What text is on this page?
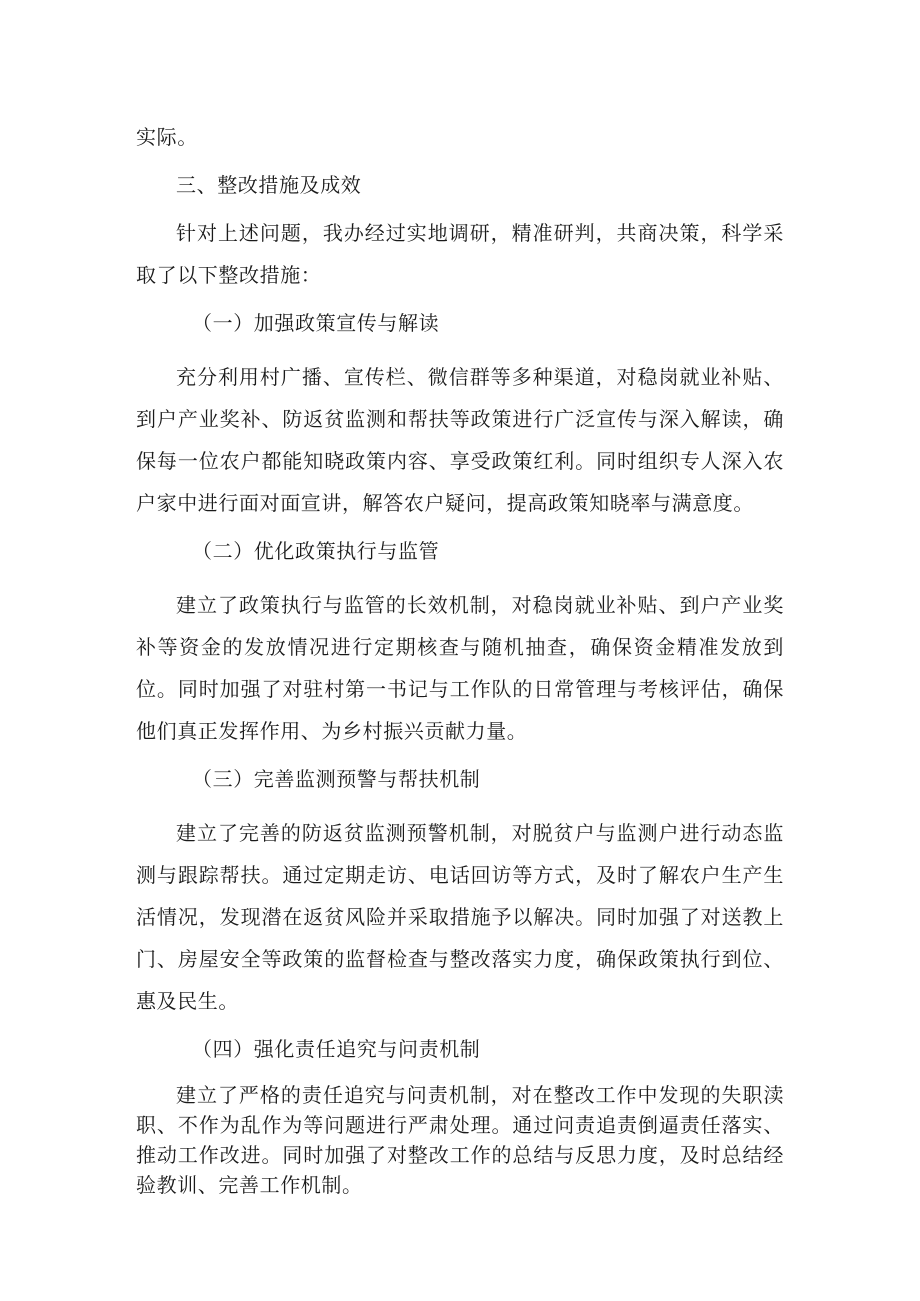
实际。

三、整改措施及成效

针对上述问题，我办经过实地调研，精准研判，共商决策，科学采取了以下整改措施：

（一）加强政策宣传与解读

充分利用村广播、宣传栏、微信群等多种渠道，对稳岗就业补贴、到户产业奖补、防返贫监测和帮扶等政策进行广泛宣传与深入解读，确保每一位农户都能知晓政策内容、享受政策红利。同时组织专人深入农户家中进行面对面宣讲，解答农户疑问，提高政策知晓率与满意度。

（二）优化政策执行与监管

建立了政策执行与监管的长效机制，对稳岗就业补贴、到户产业奖补等资金的发放情况进行定期核查与随机抽查，确保资金精准发放到位。同时加强了对驻村第一书记与工作队的日常管理与考核评估，确保他们真正发挥作用、为乡村振兴贡献力量。

（三）完善监测预警与帮扶机制

建立了完善的防返贫监测预警机制，对脱贫户与监测户进行动态监测与跟踪帮扶。通过定期走访、电话回访等方式，及时了解农户生产生活情况，发现潜在返贫风险并采取措施予以解决。同时加强了对送教上门、房屋安全等政策的监督检查与整改落实力度，确保政策执行到位、惠及民生。

（四）强化责任追究与问责机制

建立了严格的责任追究与问责机制，对在整改工作中发现的失职渎职、不作为乱作为等问题进行严肃处理。通过问责追责倒逼责任落实、推动工作改进。同时加强了对整改工作的总结与反思力度，及时总结经验教训、完善工作机制。
